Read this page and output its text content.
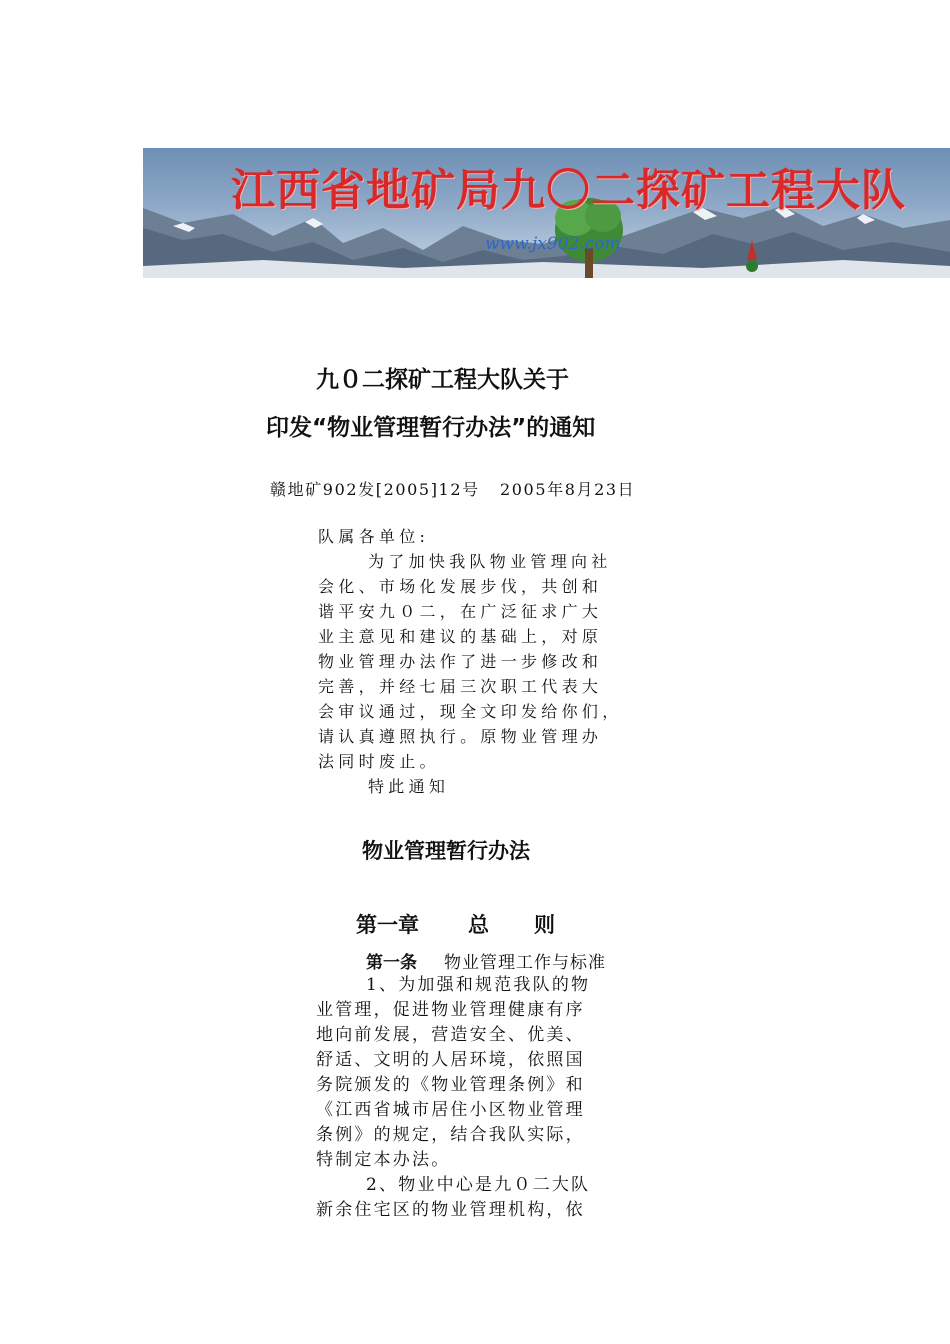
江西省地矿局九〇二探矿工程大队
www.jx902.com
九０二探矿工程大队关于
印发“物业管理暂行办法”的通知
赣地矿902发[2005]12号 2005年8月23日
队属各单位:
为了加快我队物业管理向社
会化、市场化发展步伐，共创和
谐平安九０二，在广泛征求广大
业主意见和建议的基础上，对原
物业管理办法作了进一步修改和
完善，并经七届三次职工代表大
会审议通过，现全文印发给你们，
请认真遵照执行。原物业管理办
法同时废止。
特此通知
物业管理暂行办法
第一章 总 则
第一条 物业管理工作与标准
1、为加强和规范我队的物
业管理，促进物业管理健康有序
地向前发展，营造安全、优美、
舒适、文明的人居环境，依照国
务院颁发的《物业管理条例》和
《江西省城市居住小区物业管理
条例》的规定，结合我队实际，
特制定本办法。
2、物业中心是九０二大队
新余住宅区的物业管理机构，依
